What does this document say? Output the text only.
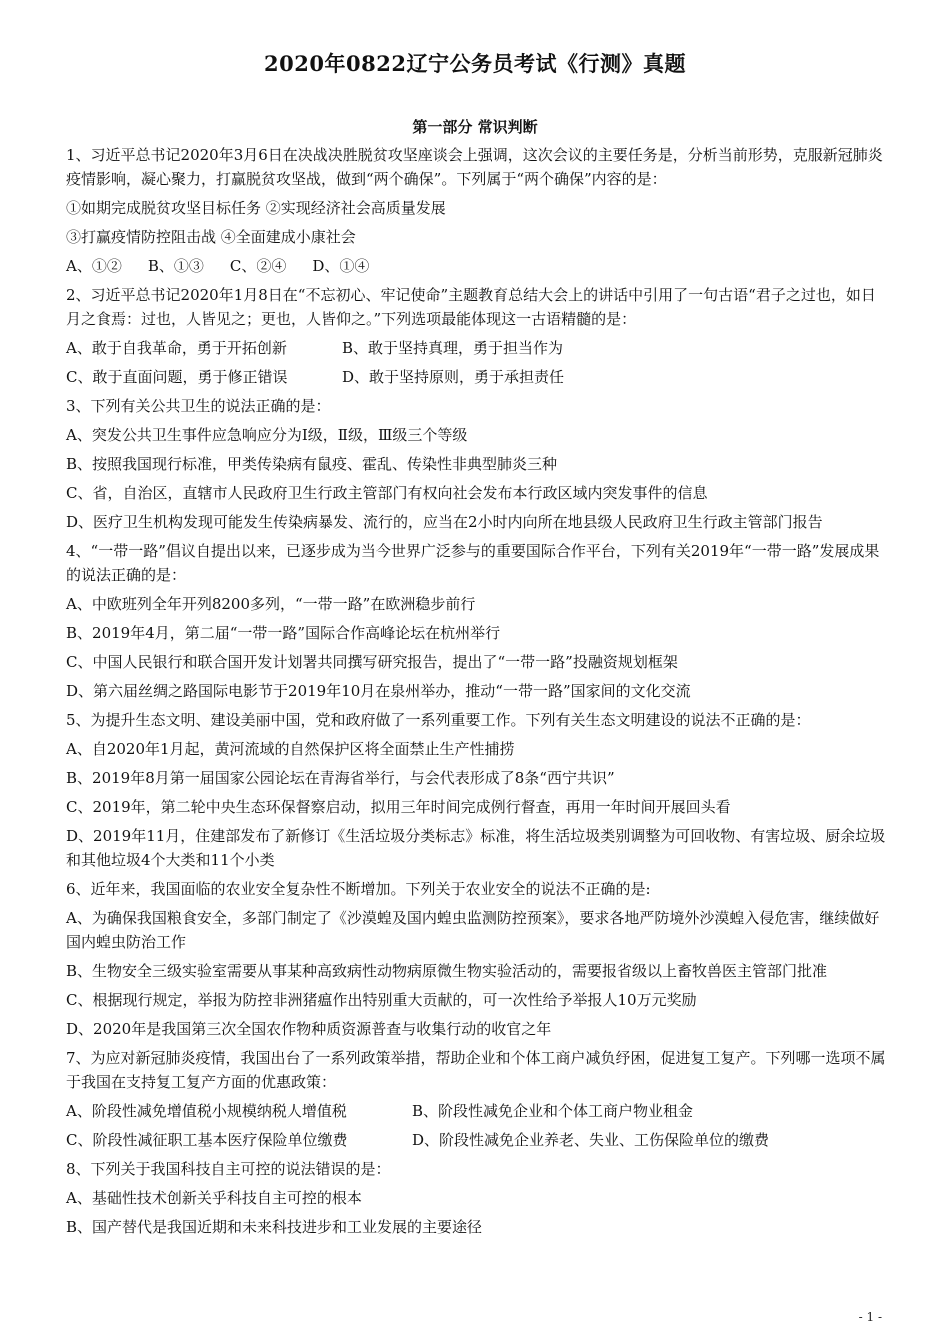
2020年0822辽宁公务员考试《行测》真题
第一部分 常识判断
1、习近平总书记2020年3月6日在决战决胜脱贫攻坚座谈会上强调，这次会议的主要任务是，分析当前形势，克服新冠肺炎疫情影响，凝心聚力，打赢脱贫攻坚战，做到“两个确保”。下列属于“两个确保”内容的是：
①如期完成脱贫攻坚目标任务 ②实现经济社会高质量发展
③打赢疫情防控阻击战 ④全面建成小康社会
A、①② B、①③ C、②④ D、①④
2、习近平总书记2020年1月8日在“不忘初心、牢记使命”主题教育总结大会上的讲话中引用了一句古语“君子之过也，如日月之食焉：过也，人皆见之；更也，人皆仰之。”下列选项最能体现这一古语精髓的是：
A、敢于自我革命，勇于开拓创新	B、敢于坚持真理，勇于担当作为
C、敢于直面问题，勇于修正错误	D、敢于坚持原则，勇于承担责任
3、下列有关公共卫生的说法正确的是：
A、突发公共卫生事件应急响应分为Ⅰ级，Ⅱ级，Ⅲ级三个等级
B、按照我国现行标准，甲类传染病有鼠疫、霍乱、传染性非典型肺炎三种
C、省，自治区，直辖市人民政府卫生行政主管部门有权向社会发布本行政区域内突发事件的信息
D、医疗卫生机构发现可能发生传染病暴发、流行的，应当在2小时内向所在地县级人民政府卫生行政主管部门报告
4、“一带一路”倡议自提出以来，已逐步成为当今世界广泛参与的重要国际合作平台，下列有关2019年“一带一路”发展成果的说法正确的是：
A、中欧班列全年开列8200多列，“一带一路”在欧洲稳步前行
B、2019年4月，第二届“一带一路”国际合作高峰论坛在杭州举行
C、中国人民银行和联合国开发计划署共同撰写研究报告，提出了“一带一路”投融资规划框架
D、第六届丝绸之路国际电影节于2019年10月在泉州举办，推动“一带一路”国家间的文化交流
5、为提升生态文明、建设美丽中国，党和政府做了一系列重要工作。下列有关生态文明建设的说法不正确的是：
A、自2020年1月起，黄河流域的自然保护区将全面禁止生产性捕捞
B、2019年8月第一届国家公园论坛在青海省举行，与会代表形成了8条“西宁共识”
C、2019年，第二轮中央生态环保督察启动，拟用三年时间完成例行督查，再用一年时间开展回头看
D、2019年11月，住建部发布了新修订《生活垃圾分类标志》标准，将生活垃圾类别调整为可回收物、有害垃圾、厨余垃圾和其他垃圾4个大类和11个小类
6、近年来，我国面临的农业安全复杂性不断增加。下列关于农业安全的说法不正确的是:
A、为确保我国粮食安全，多部门制定了《沙漠蝗及国内蝗虫监测防控预案》，要求各地严防境外沙漠蝗入侵危害，继续做好国内蝗虫防治工作
B、生物安全三级实验室需要从事某种高致病性动物病原微生物实验活动的，需要报省级以上畜牧兽医主管部门批准
C、根据现行规定，举报为防控非洲猪瘟作出特别重大贡献的，可一次性给予举报人10万元奖励
D、2020年是我国第三次全国农作物种质资源普查与收集行动的收官之年
7、为应对新冠肺炎疫情，我国出台了一系列政策举措，帮助企业和个体工商户减负纾困，促进复工复产。下列哪一选项不属于我国在支持复工复产方面的优惠政策：
A、阶段性减免增值税小规模纳税人增值税	B、阶段性减免企业和个体工商户物业租金
C、阶段性减征职工基本医疗保险单位缴费	D、阶段性减免企业养老、失业、工伤保险单位的缴费
8、下列关于我国科技自主可控的说法错误的是：
A、基础性技术创新关乎科技自主可控的根本
B、国产替代是我国近期和未来科技进步和工业发展的主要途径
- 1 -
